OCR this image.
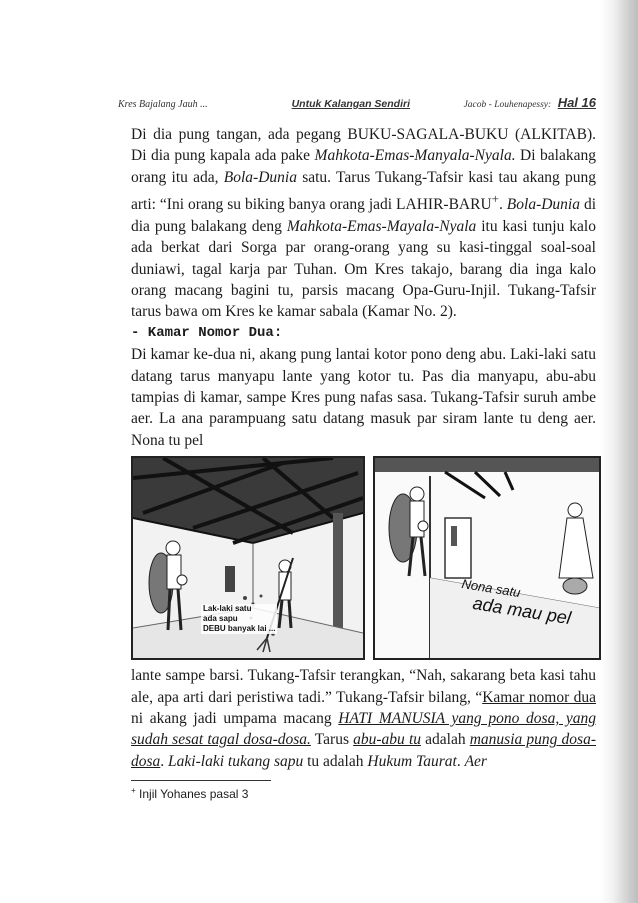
Kres Bajalang Jauh ...	Untuk Kalangan Sendiri	Jacob - Louhenapessy: Hal 16

Di dia pung tangan, ada pegang BUKU-SAGALA-BUKU (ALKITAB). Di dia pung kapala ada pake Mahkota-Emas-Manyala-Nyala. Di balakang orang itu ada, Bola-Dunia satu. Tarus Tukang-Tafsir kasi tau akang pung arti: “Ini orang su biking banya orang jadi LAHIR-BARU+. Bola-Dunia di dia pung balakang deng Mahkota-Emas-Mayala-Nyala itu kasi tunju kalo ada berkat dari Sorga par orang-orang yang su kasi-tinggal soal-soal duniawi, tagal karja par Tuhan. Om Kres takajo, barang dia inga kalo orang macang bagini tu, parsis macang Opa-Guru-Injil. Tukang-Tafsir tarus bawa om Kres ke kamar sabala (Kamar No. 2).

- Kamar Nomor Dua:

Di kamar ke-dua ni, akang pung lantai kotor pono deng abu. Laki-laki satu datang tarus manyapu lante yang kotor tu. Pas dia manyapu, abu-abu tampias di kamar, sampe Kres pung nafas sasa. Tukang-Tafsir suruh ambe aer. La ana parampuang satu datang masuk par siram lante tu deng aer. Nona tu pel

Lak-laki satu
ada sapu
DEBU banyak lai ...
Nona satu
ada mau pel

lante sampe barsi. Tukang-Tafsir terangkan, “Nah, sakarang beta kasi tahu ale, apa arti dari peristiwa tadi.” Tukang-Tafsir bilang, “Kamar nomor dua ni akang jadi umpama macang HATI MANUSIA yang pono dosa, yang sudah sesat tagal dosa-dosa. Tarus abu-abu tu adalah manusia pung dosa-dosa. Laki-laki tukang sapu tu adalah Hukum Taurat. Aer

+ Injil Yohanes pasal 3
